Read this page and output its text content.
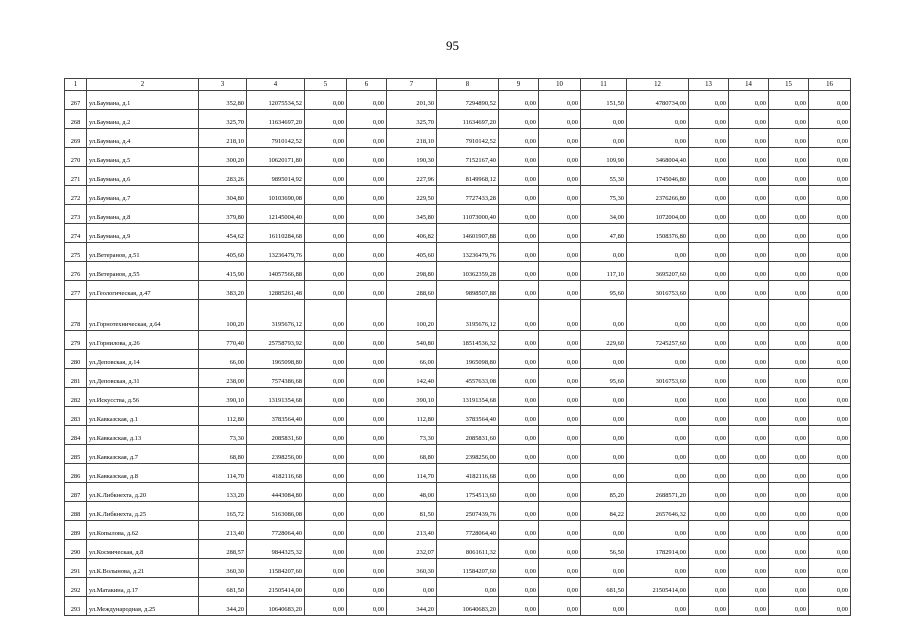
95
1	2	3	4	5	6	7	8	9	10	11	12	13	14	15	16
267	ул.Баумана, д.1	352,80	12075534,52	0,00	0,00	201,30	7294890,52	0,00	0,00	151,50	4780734,00	0,00	0,00	0,00	0,00
268	ул.Баумана, д.2	325,70	11634697,20	0,00	0,00	325,70	11634697,20	0,00	0,00	0,00	0,00	0,00	0,00	0,00	0,00
269	ул.Баумана, д.4	218,10	7910142,52	0,00	0,00	218,10	7910142,52	0,00	0,00	0,00	0,00	0,00	0,00	0,00	0,00
270	ул.Баумана, д.5	300,20	10620171,80	0,00	0,00	190,30	7152167,40	0,00	0,00	109,90	3468004,40	0,00	0,00	0,00	0,00
271	ул.Баумана, д.6	283,26	9895014,92	0,00	0,00	227,96	8149968,12	0,00	0,00	55,30	1745046,80	0,00	0,00	0,00	0,00
272	ул.Баумана, д.7	304,80	10103690,08	0,00	0,00	229,50	7727433,28	0,00	0,00	75,30	2376266,80	0,00	0,00	0,00	0,00
273	ул.Баумана, д.8	379,80	12145004,40	0,00	0,00	345,80	11073000,40	0,00	0,00	34,00	1072004,00	0,00	0,00	0,00	0,00
274	ул.Баумана, д.9	454,62	16110284,68	0,00	0,00	406,82	14601907,88	0,00	0,00	47,80	1508376,80	0,00	0,00	0,00	0,00
275	ул.Ветеранов, д.51	405,60	13236479,76	0,00	0,00	405,60	13236479,76	0,00	0,00	0,00	0,00	0,00	0,00	0,00	0,00
276	ул.Ветеранов, д.55	415,90	14057566,88	0,00	0,00	298,80	10362359,28	0,00	0,00	117,10	3695207,60	0,00	0,00	0,00	0,00
277	ул.Геологическая, д.47	383,20	12885261,48	0,00	0,00	288,60	9898507,88	0,00	0,00	95,60	3016753,60	0,00	0,00	0,00	0,00
278	ул.Горнотехническая, д.64	100,20	3195676,12	0,00	0,00	100,20	3195676,12	0,00	0,00	0,00	0,00	0,00	0,00	0,00	0,00
279	ул.Горнилова, д.26	770,40	25758793,92	0,00	0,00	540,80	18514536,32	0,00	0,00	229,60	7245257,60	0,00	0,00	0,00	0,00
280	ул.Деповская, д.14	66,00	1965098,80	0,00	0,00	66,00	1965098,80	0,00	0,00	0,00	0,00	0,00	0,00	0,00	0,00
281	ул.Деповская, д.31	238,00	7574386,68	0,00	0,00	142,40	4557633,08	0,00	0,00	95,60	3016753,60	0,00	0,00	0,00	0,00
282	ул.Искусства, д.56	390,10	13191354,68	0,00	0,00	390,10	13191354,68	0,00	0,00	0,00	0,00	0,00	0,00	0,00	0,00
283	ул.Кавказская, д.1	112,80	3783564,40	0,00	0,00	112,80	3783564,40	0,00	0,00	0,00	0,00	0,00	0,00	0,00	0,00
284	ул.Кавказская, д.13	73,30	2085831,60	0,00	0,00	73,30	2085831,60	0,00	0,00	0,00	0,00	0,00	0,00	0,00	0,00
285	ул.Кавказская, д.7	68,80	2398256,00	0,00	0,00	68,80	2398256,00	0,00	0,00	0,00	0,00	0,00	0,00	0,00	0,00
286	ул.Кавказская, д.8	114,70	4182116,68	0,00	0,00	114,70	4182116,68	0,00	0,00	0,00	0,00	0,00	0,00	0,00	0,00
287	ул.К.Либкнехта, д.20	133,20	4443084,80	0,00	0,00	48,00	1754513,60	0,00	0,00	85,20	2688571,20	0,00	0,00	0,00	0,00
288	ул.К.Либкнехта, д.25	165,72	5163086,08	0,00	0,00	81,50	2507439,76	0,00	0,00	84,22	2657646,32	0,00	0,00	0,00	0,00
289	ул.Копылова, д.62	213,40	7728064,40	0,00	0,00	213,40	7728064,40	0,00	0,00	0,00	0,00	0,00	0,00	0,00	0,00
290	ул.Космическая, д.8	288,57	9844325,32	0,00	0,00	232,07	8061611,32	0,00	0,00	56,50	1782914,00	0,00	0,00	0,00	0,00
291	ул.К.Волынова, д.21	360,30	11584207,60	0,00	0,00	360,30	11584207,60	0,00	0,00	0,00	0,00	0,00	0,00	0,00	0,00
292	ул.Матакина, д.17	681,50	21505414,00	0,00	0,00	0,00	0,00	0,00	0,00	681,50	21505414,00	0,00	0,00	0,00	0,00
293	ул.Международная, д.25	344,20	10640683,20	0,00	0,00	344,20	10640683,20	0,00	0,00	0,00	0,00	0,00	0,00	0,00	0,00
